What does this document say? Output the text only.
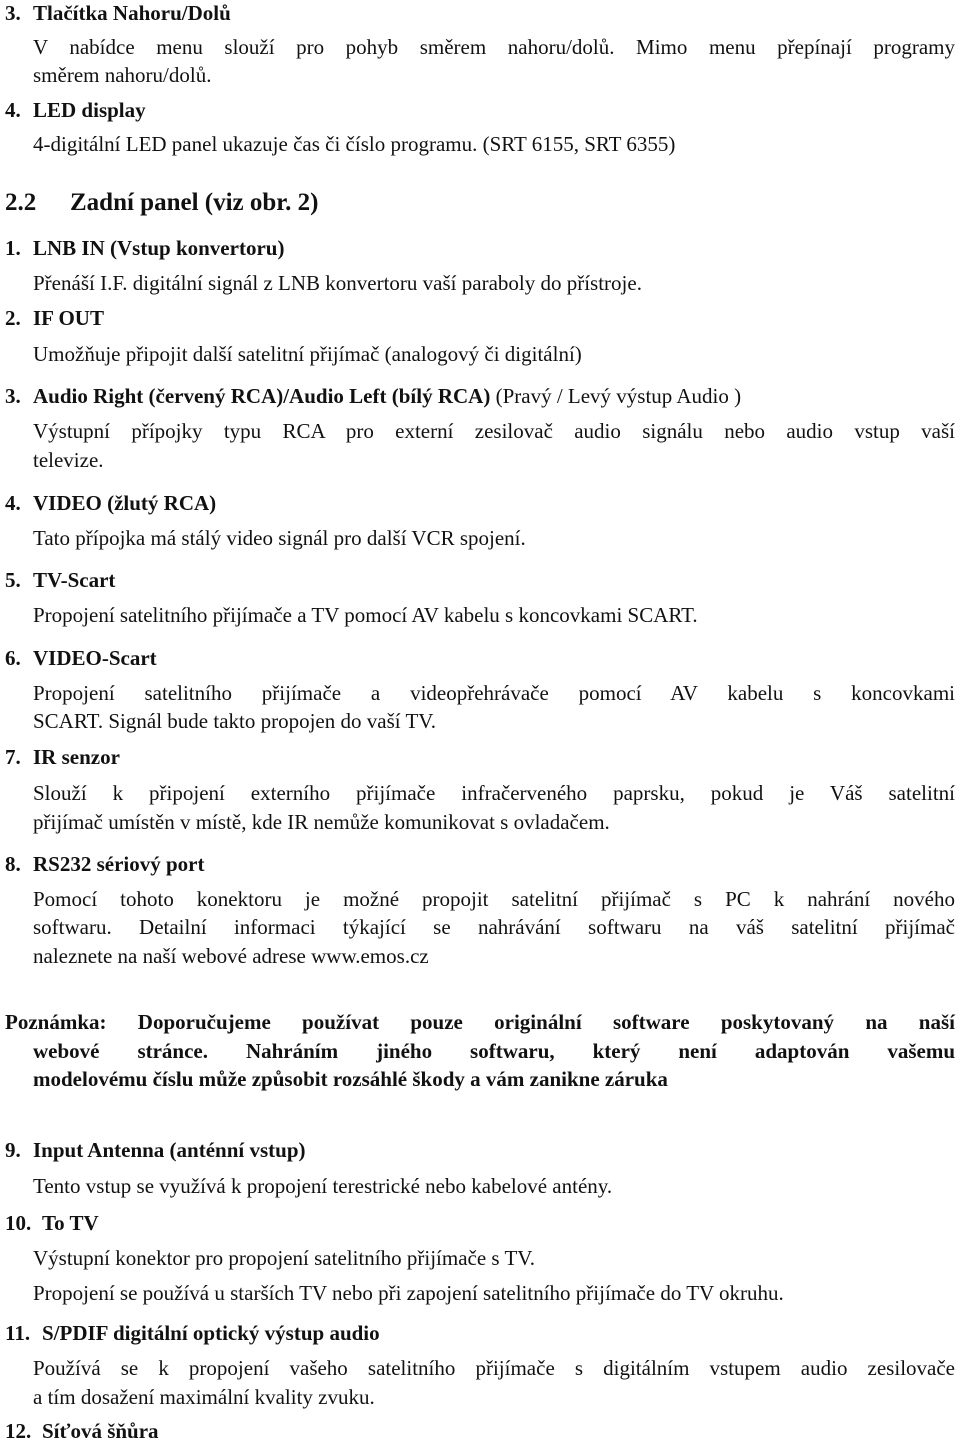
3. Tlačítka Nahoru/Dolů
V nabídce menu slouží pro pohyb směrem nahoru/dolů. Mimo menu přepínají programy
směrem nahoru/dolů.
4. LED display
4-digitální LED panel ukazuje čas či číslo programu. (SRT 6155, SRT 6355)
2.2 Zadní panel (viz obr. 2)
1. LNB IN (Vstup konvertoru)
Přenáší I.F. digitální signál z LNB konvertoru vaší paraboly do přístroje.
2. IF OUT
Umožňuje připojit další satelitní přijímač (analogový či digitální)
3. Audio Right (červený RCA)/Audio Left (bílý RCA) (Pravý / Levý výstup Audio )
Výstupní přípojky typu RCA pro externí zesilovač audio signálu nebo audio vstup vaší
televize.
4. VIDEO (žlutý RCA)
Tato přípojka má stálý video signál pro další VCR spojení.
5. TV-Scart
Propojení satelitního přijímače a TV pomocí AV kabelu s koncovkami SCART.
6. VIDEO-Scart
Propojení satelitního přijímače a videopřehrávače pomocí AV kabelu s koncovkami
SCART. Signál bude takto propojen do vaší TV.
7. IR senzor
Slouží k připojení externího přijímače infračerveného paprsku, pokud je Váš satelitní
přijímač umístěn v místě, kde IR nemůže komunikovat s ovladačem.
8. RS232 sériový port
Pomocí tohoto konektoru je možné propojit satelitní přijímač s PC k nahrání nového
softwaru. Detailní informaci týkající se nahrávání softwaru na váš satelitní přijímač
naleznete na naší webové adrese www.emos.cz
Poznámka: Doporučujeme používat pouze originální software poskytovaný na naší
webové stránce. Nahráním jiného softwaru, který není adaptován vašemu
modelovému číslu může způsobit rozsáhlé škody a vám zanikne záruka
9. Input Antenna (anténní vstup)
Tento vstup se využívá k propojení terestrické nebo kabelové antény.
10. To TV
Výstupní konektor pro propojení satelitního přijímače s TV.
Propojení se používá u starších TV nebo při zapojení satelitního přijímače do TV okruhu.
11. S/PDIF digitální optický výstup audio
Používá se k propojení vašeho satelitního přijímače s digitálním vstupem audio zesilovače
a tím dosažení maximální kvality zvuku.
12. Síťová šňůra
